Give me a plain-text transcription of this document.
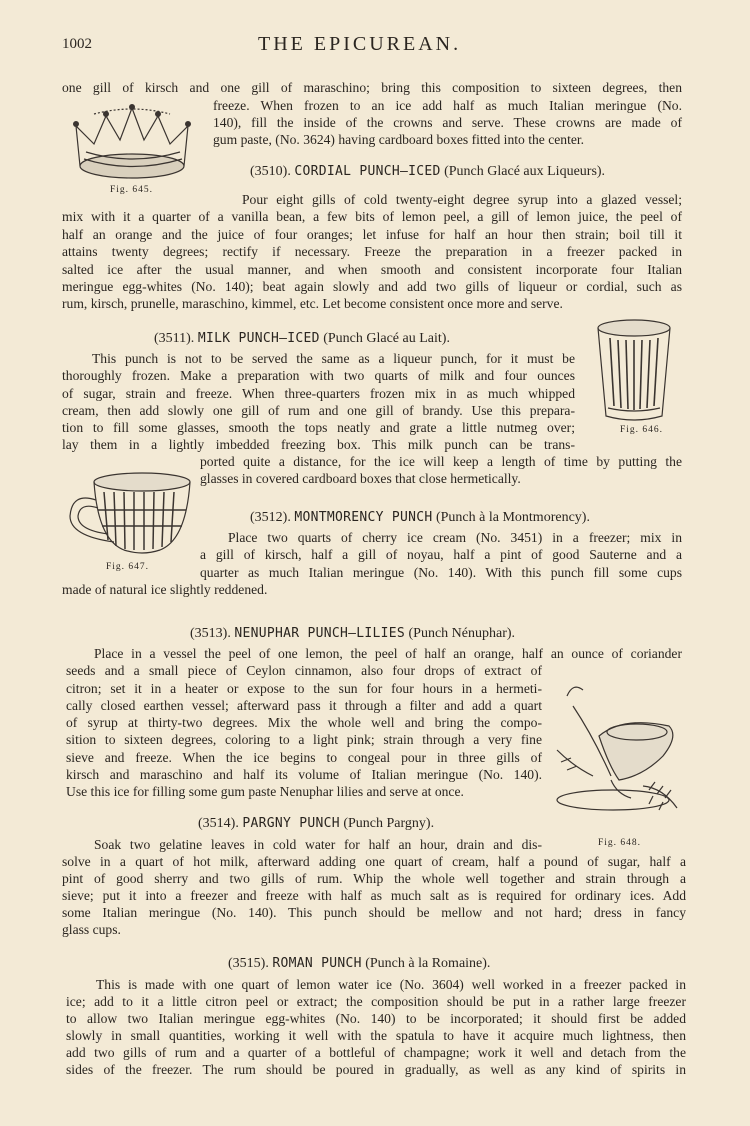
1002	THE EPICUREAN.

one gill of kirsch and one gill of maraschino; bring this composition to sixteen degrees, then

freeze. When frozen to an ice add half as much Italian meringue (No.

140), fill the inside of the crowns and serve. These crowns are made of

gum paste, (No. 3624) having cardboard boxes fitted into the center.

Fig. 645.
(3510). CORDIAL PUNCH—ICED (Punch Glacé aux Liqueurs).

Pour eight gills of cold twenty-eight degree syrup into a glazed vessel;

mix with it a quarter of a vanilla bean, a few bits of lemon peel, a gill of lemon juice, the peel of

half an orange and the juice of four oranges; let infuse for half an hour then strain; boil till it

attains twenty degrees; rectify if necessary. Freeze the preparation in a freezer packed in

salted ice after the usual manner, and when smooth and consistent incorporate four Italian

meringue egg-whites (No. 140); beat again slowly and add two gills of liqueur or cordial, such as

rum, kirsch, prunelle, maraschino, kimmel, etc. Let become consistent once more and serve.

(3511). MILK PUNCH—ICED (Punch Glacé au Lait).

This punch is not to be served the same as a liqueur punch, for it must be

thoroughly frozen. Make a preparation with two quarts of milk and four ounces

of sugar, strain and freeze. When three-quarters frozen mix in as much whipped

cream, then add slowly one gill of rum and one gill of brandy. Use this prepara-

tion to fill some glasses, smooth the tops neatly and grate a little nutmeg over;

lay them in a lightly imbedded freezing box. This milk punch can be trans-

ported quite a distance, for the ice will keep a length of time by putting the

glasses in covered cardboard boxes that close hermetically.

Fig. 646.
Fig. 647.
(3512). MONTMORENCY PUNCH (Punch à la Montmorency).

Place two quarts of cherry ice cream (No. 3451) in a freezer; mix in

a gill of kirsch, half a gill of noyau, half a pint of good Sauterne and a

quarter as much Italian meringue (No. 140). With this punch fill some cups

made of natural ice slightly reddened.

(3513). NENUPHAR PUNCH—LILIES (Punch Nénuphar).

Place in a vessel the peel of one lemon, the peel of half an orange, half an ounce of coriander

seeds and a small piece of Ceylon cinnamon, also four drops of extract of

citron; set it in a heater or expose to the sun for four hours in a hermeti-

cally closed earthen vessel; afterward pass it through a filter and add a quart

of syrup at thirty-two degrees. Mix the whole well and bring the compo-

sition to sixteen degrees, coloring to a light pink; strain through a very fine

sieve and freeze. When the ice begins to congeal pour in three gills of

kirsch and maraschino and half its volume of Italian meringue (No. 140).

Use this ice for filling some gum paste Nenuphar lilies and serve at once.

Fig. 648.
(3514). PARGNY PUNCH (Punch Pargny).

Soak two gelatine leaves in cold water for half an hour, drain and dis-

solve in a quart of hot milk, afterward adding one quart of cream, half a pound of sugar, half a

pint of good sherry and two gills of rum. Whip the whole well together and strain through a

sieve; put it into a freezer and freeze with half as much salt as is required for ordinary ices. Add

some Italian meringue (No. 140). This punch should be mellow and not hard; dress in fancy

glass cups.

(3515). ROMAN PUNCH (Punch à la Romaine).

This is made with one quart of lemon water ice (No. 3604) well worked in a freezer packed in

ice; add to it a little citron peel or extract; the composition should be put in a rather large freezer

to allow two Italian meringue egg-whites (No. 140) to be incorporated; it should first be added

slowly in small quantities, working it well with the spatula to have it acquire much lightness, then

add two gills of rum and a quarter of a bottleful of champagne; work it well and detach from the

sides of the freezer. The rum should be poured in gradually, as well as any kind of spirits in
